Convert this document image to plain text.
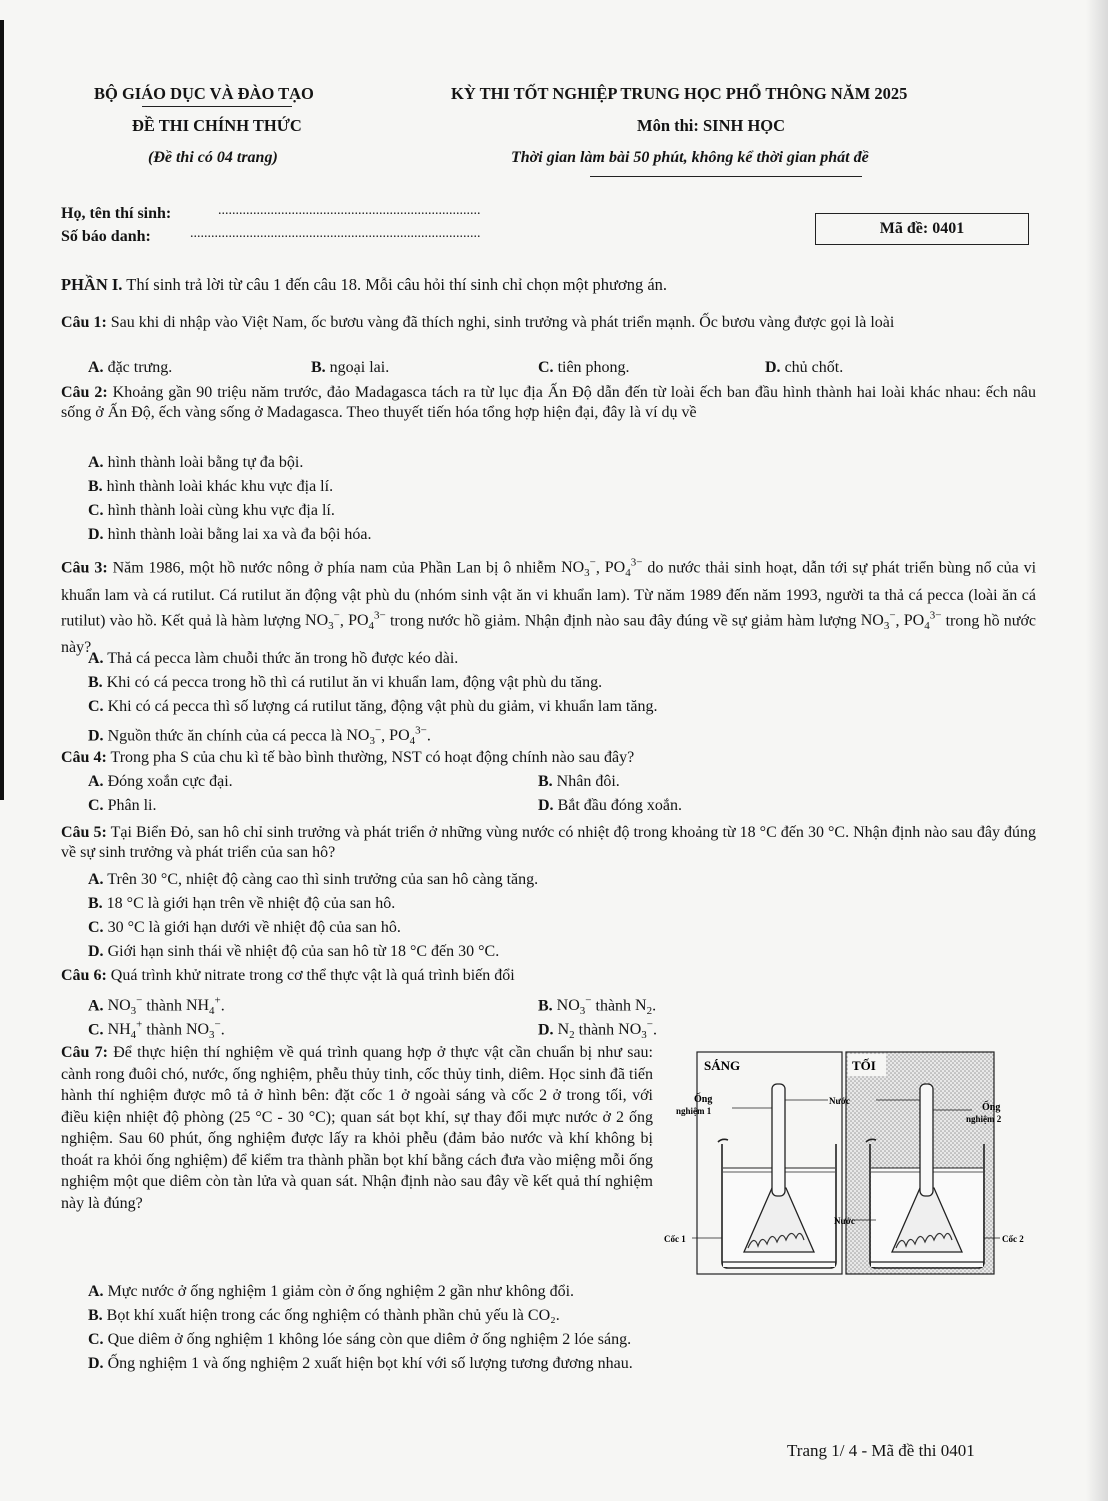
BỘ GIÁO DỤC VÀ ĐÀO TẠO	KỲ THI TỐT NGHIỆP TRUNG HỌC PHỔ THÔNG NĂM 2025
ĐỀ THI CHÍNH THỨC	Môn thi: SINH HỌC
(Đề thi có 04 trang)	Thời gian làm bài 50 phút, không kể thời gian phát đề
Họ, tên thí sinh:	...........................................................................
Số báo danh:	...................................................................................	Mã đề: 0401
PHẦN I. Thí sinh trả lời từ câu 1 đến câu 18. Mỗi câu hỏi thí sinh chỉ chọn một phương án.
Câu 1: Sau khi di nhập vào Việt Nam, ốc bươu vàng đã thích nghi, sinh trưởng và phát triển mạnh. Ốc bươu vàng được gọi là loài
A. đặc trưng.	B. ngoại lai.	C. tiên phong.	D. chủ chốt.
Câu 2: Khoảng gần 90 triệu năm trước, đảo Madagasca tách ra từ lục địa Ấn Độ dẫn đến từ loài ếch ban đầu hình thành hai loài khác nhau: ếch nâu sống ở Ấn Độ, ếch vàng sống ở Madagasca. Theo thuyết tiến hóa tổng hợp hiện đại, đây là ví dụ về
A. hình thành loài bằng tự đa bội.
B. hình thành loài khác khu vực địa lí.
C. hình thành loài cùng khu vực địa lí.
D. hình thành loài bằng lai xa và đa bội hóa.
Câu 3: Năm 1986, một hồ nước nông ở phía nam của Phần Lan bị ô nhiễm $NO_3^-$, $PO_4^{3-}$ do nước thải sinh hoạt, dẫn tới sự phát triển bùng nổ của vi khuẩn lam và cá rutilut. Cá rutilut ăn động vật phù du (nhóm sinh vật ăn vi khuẩn lam). Từ năm 1989 đến năm 1993, người ta thả cá pecca (loài ăn cá rutilut) vào hồ. Kết quả là hàm lượng $NO_3^-$, $PO_4^{3-}$ trong nước hồ giảm. Nhận định nào sau đây đúng về sự giảm hàm lượng $NO_3^-$, $PO_4^{3-}$ trong hồ nước này?
A. Thả cá pecca làm chuỗi thức ăn trong hồ được kéo dài.
B. Khi có cá pecca trong hồ thì cá rutilut ăn vi khuẩn lam, động vật phù du tăng.
C. Khi có cá pecca thì số lượng cá rutilut tăng, động vật phù du giảm, vi khuẩn lam tăng.
D. Nguồn thức ăn chính của cá pecca là $NO_3^-$, $PO_4^{3-}$.
Câu 4: Trong pha S của chu kì tế bào bình thường, NST có hoạt động chính nào sau đây?
A. Đóng xoắn cực đại.	B. Nhân đôi.
C. Phân li.	D. Bắt đầu đóng xoắn.
Câu 5: Tại Biển Đỏ, san hô chỉ sinh trưởng và phát triển ở những vùng nước có nhiệt độ trong khoảng từ 18 °C đến 30 °C. Nhận định nào sau đây đúng về sự sinh trưởng và phát triển của san hô?
A. Trên 30 °C, nhiệt độ càng cao thì sinh trưởng của san hô càng tăng.
B. 18 °C là giới hạn trên về nhiệt độ của san hô.
C. 30 °C là giới hạn dưới về nhiệt độ của san hô.
D. Giới hạn sinh thái về nhiệt độ của san hô từ 18 °C đến 30 °C.
Câu 6: Quá trình khử nitrate trong cơ thể thực vật là quá trình biến đổi
A. $NO_3^-$ thành $NH_4^+$.	B. $NO_3^-$ thành $N_2$.
C. $NH_4^+$ thành $NO_3^-$.	D. $N_2$ thành $NO_3^-$.
Câu 7: Để thực hiện thí nghiệm về quá trình quang hợp ở thực vật cần chuẩn bị như sau: cành rong đuôi chó, nước, ống nghiệm, phễu thủy tinh, cốc thủy tinh, diêm. Học sinh đã tiến hành thí nghiệm được mô tả ở hình bên: đặt cốc 1 ở ngoài sáng và cốc 2 ở trong tối, với điều kiện nhiệt độ phòng (25 °C - 30 °C); quan sát bọt khí, sự thay đổi mực nước ở 2 ống nghiệm. Sau 60 phút, ống nghiệm được lấy ra khỏi phễu (đảm bảo nước và khí không bị thoát ra khỏi ống nghiệm) để kiểm tra thành phần bọt khí bằng cách đưa vào miệng mỗi ống nghiệm một que diêm còn tàn lửa và quan sát. Nhận định nào sau đây về kết quả thí nghiệm này là đúng?
SÁNG	TỐI
Ống
nghiệm 1
Nước
Ống
nghiệm 2
Nước
Cốc 1	Cốc 2
A. Mực nước ở ống nghiệm 1 giảm còn ở ống nghiệm 2 gần như không đổi.
B. Bọt khí xuất hiện trong các ống nghiệm có thành phần chủ yếu là CO₂.
C. Que diêm ở ống nghiệm 1 không lóe sáng còn que diêm ở ống nghiệm 2 lóe sáng.
D. Ống nghiệm 1 và ống nghiệm 2 xuất hiện bọt khí với số lượng tương đương nhau.
Trang 1/ 4 - Mã đề thi 0401
